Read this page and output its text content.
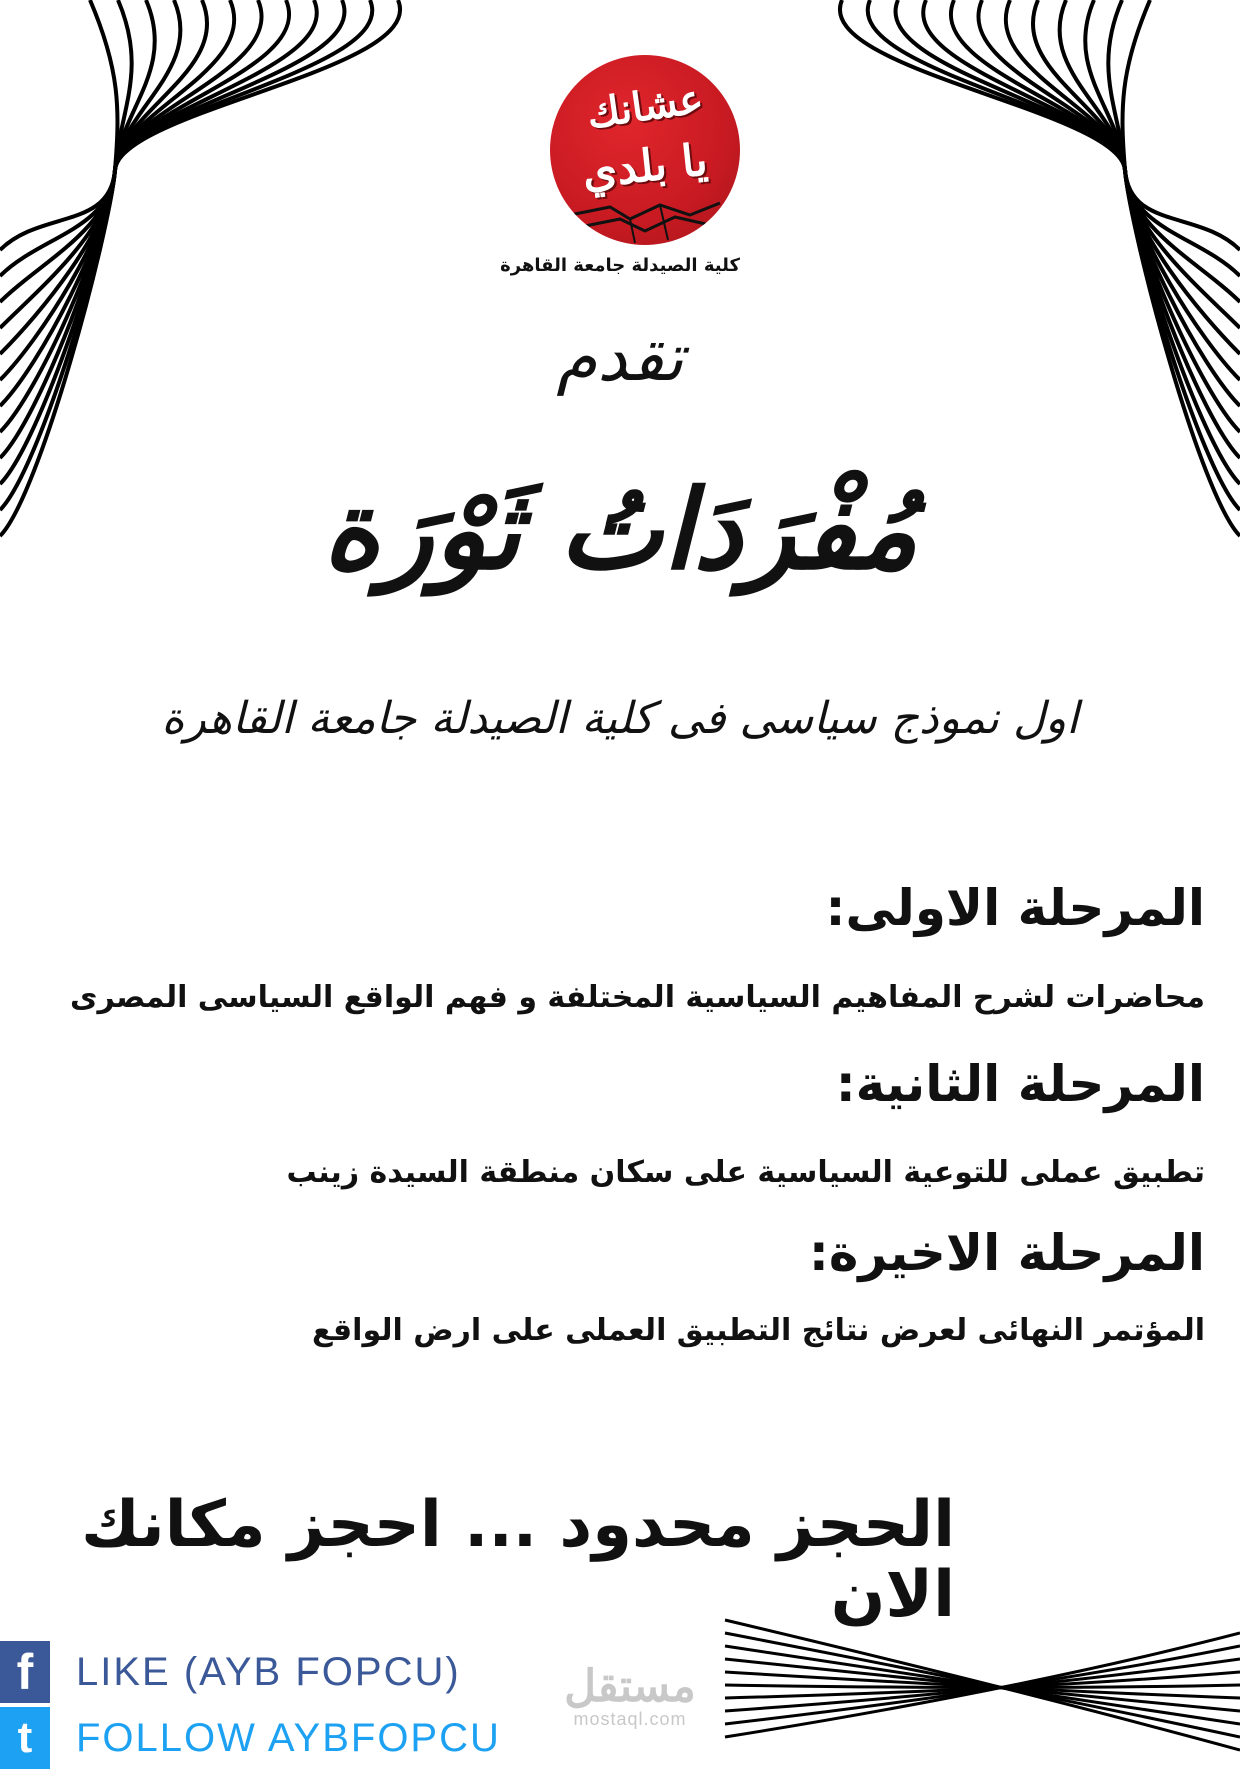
عشانك
يا بلدي
كلية الصيدلة جامعة القاهرة
تقدم
مُفْرَدَاتُ ثَوْرَة
اول نموذج سياسى فى كلية الصيدلة جامعة القاهرة
المرحلة الاولى:
محاضرات لشرح المفاهيم السياسية المختلفة و فهم الواقع السياسى المصرى
المرحلة الثانية:
تطبيق عملى للتوعية السياسية على سكان منطقة السيدة زينب
المرحلة الاخيرة:
المؤتمر النهائى لعرض نتائج التطبيق العملى على ارض الواقع
الحجز محدود ... احجز مكانك الان
f	LIKE (AYB FOPCU)
t	FOLLOW AYBFOPCU
مستقل
mostaql.com
